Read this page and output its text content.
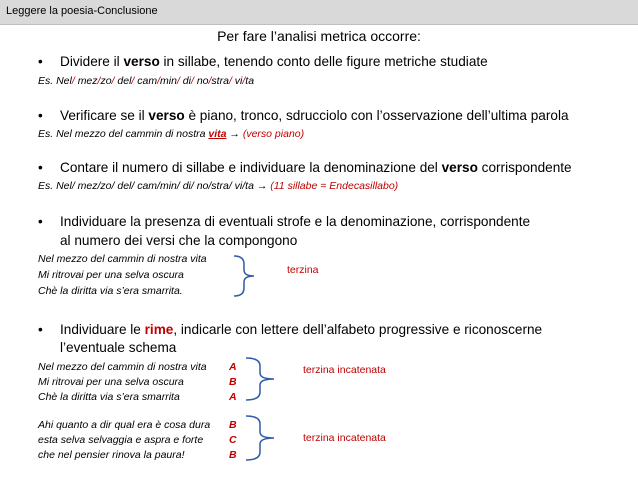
Leggere la poesia-Conclusione
Per fare l’analisi metrica occorre:
• Dividere il verso in sillabe, tenendo conto delle figure metriche studiate
Es. Nel/ mez/zo/ del/ cam/min/ di/ no/stra/ vi/ta
• Verificare se il verso è piano, tronco, sdrucciolo con l’osservazione dell’ultima parola
Es. Nel mezzo del cammin di nostra vita → (verso piano)
• Contare il numero di sillabe e individuare la denominazione del verso corrispondente
Es. Nel/ mez/zo/ del/ cam/min/ di/ no/stra/ vi/ta → (11 sillabe = Endecasillabo)
• Individuare la presenza di eventuali strofe e la denominazione, corrispondente
al numero dei versi che la compongono
Nel mezzo del cammin di nostra vita
Mi ritrovai per una selva oscura
Chè la diritta via s’era smarrita.
terzina
• Individuare le rime, indicarle con lettere dell’alfabeto progressive e riconoscerne
l’eventuale schema
Nel mezzo del cammin di nostra vita
Mi ritrovai per una selva oscura
Chè la diritta via s’era smarrita
A
B
A
terzina incatenata
Ahi quanto a dir qual era è cosa dura
esta selva selvaggia e aspra e forte
che nel pensier rinova la paura!
B
C
B
terzina incatenata
